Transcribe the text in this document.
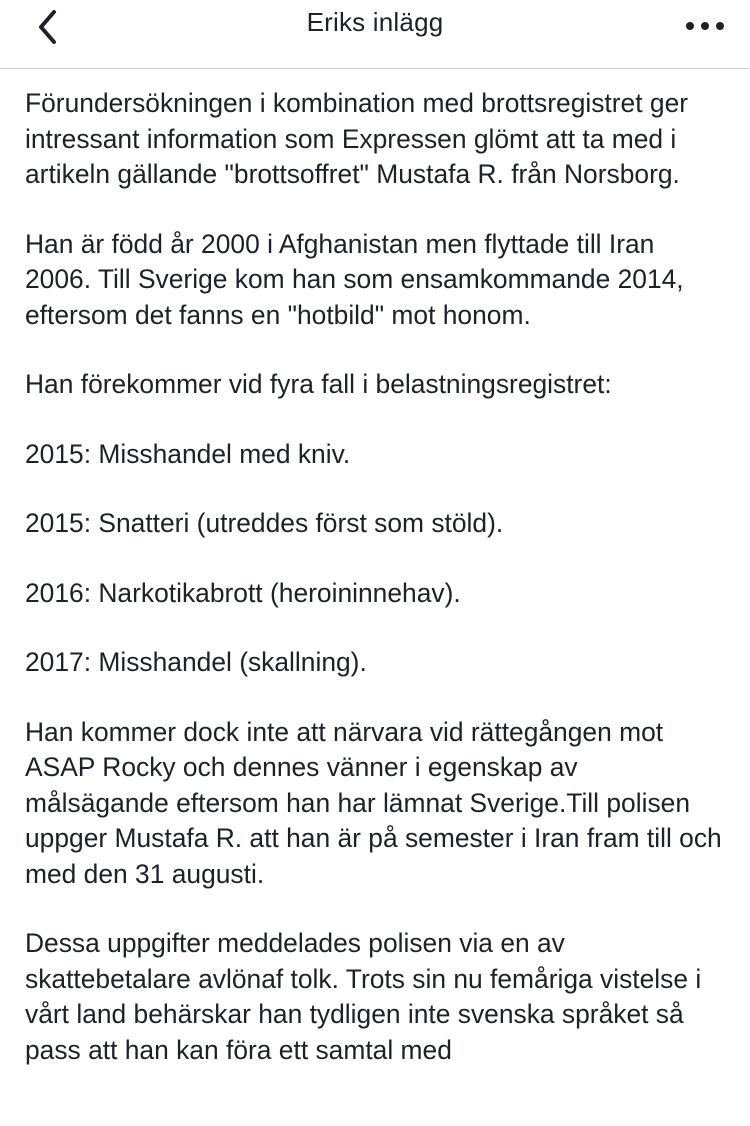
Eriks inlägg

Förundersökningen i kombination med brottsregistret ger intressant information som Expressen glömt att ta med i artikeln gällande "brottsoffret" Mustafa R. från Norsborg.

Han är född år 2000 i Afghanistan men flyttade till Iran 2006. Till Sverige kom han som ensamkommande 2014, eftersom det fanns en "hotbild" mot honom.

Han förekommer vid fyra fall i belastningsregistret:

2015: Misshandel med kniv.

2015: Snatteri (utreddes först som stöld).

2016: Narkotikabrott (heroininnehav).

2017: Misshandel (skallning).

Han kommer dock inte att närvara vid rättegången mot ASAP Rocky och dennes vänner i egenskap av målsägande eftersom han har lämnat Sverige.Till polisen uppger Mustafa R. att han är på semester i Iran fram till och med den 31 augusti.

Dessa uppgifter meddelades polisen via en av skattebetalare avlönaf tolk. Trots sin nu femåriga vistelse i vårt land behärskar han tydligen inte svenska språket så pass att han kan föra ett samtal med
